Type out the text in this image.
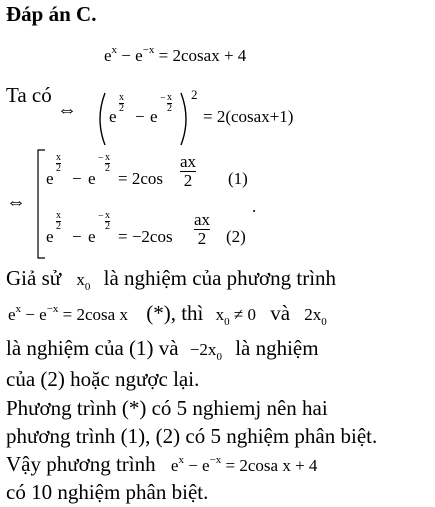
Đáp án C.
$e^x - e^{-x}$ = 2cosax + 4
Ta có
⇔ e
x
2 − e
− x
2
2
= 2(cosax+1)
⇔
e
x
2
− e
− x
2
= $2\cos \frac{ax}{2} (1)$
e
x
2
− e
− x
2
= $-2\cos \frac{ax}{2} (2)$
.
Giả sử $x_0$ là nghiệm của phương trình
$e^x - e^{-x} = 2\cos a$ x (*), thì $x_0 \ne 0$ và $2x_0$
là nghiệm của (1) và $-2x_0$ là nghiệm
của (2) hoặc ngược lại.
Phương trình (*) có 5 nghiemj nên hai
phương trình (1), (2) có 5 nghiệm phân biệt.
Vậy phương trình $e^x - e^{-x} = 2\cos a$ x + 4
có 10 nghiệm phân biệt.
